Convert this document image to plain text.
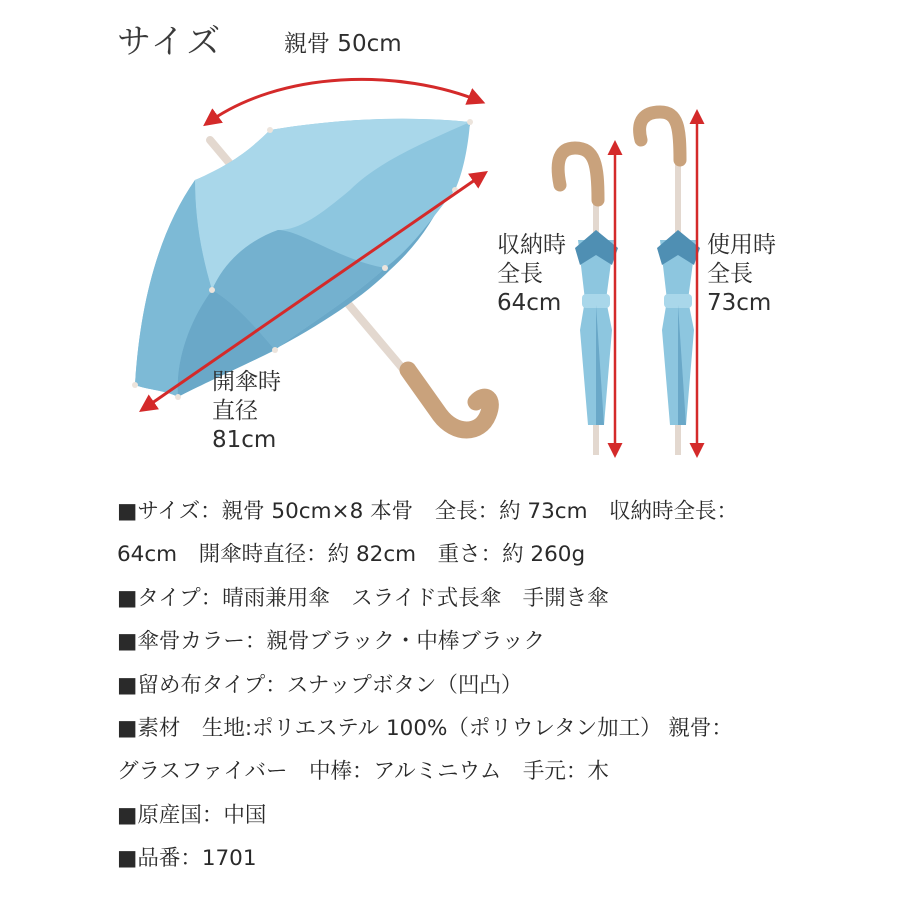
サイズ	親骨 50cm
開傘時
直径
81cm
収納時
全長
64cm
使用時
全長
73cm
■サイズ：親骨 50cm×8 本骨　全長：約 73cm　収納時全長：
64cm　開傘時直径：約 82cm　重さ：約 260g
■タイプ：晴雨兼用傘　スライド式長傘　手開き傘
■傘骨カラー：親骨ブラック・中棒ブラック
■留め布タイプ：スナップボタン（凹凸）
■素材　生地:ポリエステル 100%（ポリウレタン加工） 親骨：
グラスファイバー　中棒：アルミニウム　手元：木
■原産国：中国
■品番：1701
